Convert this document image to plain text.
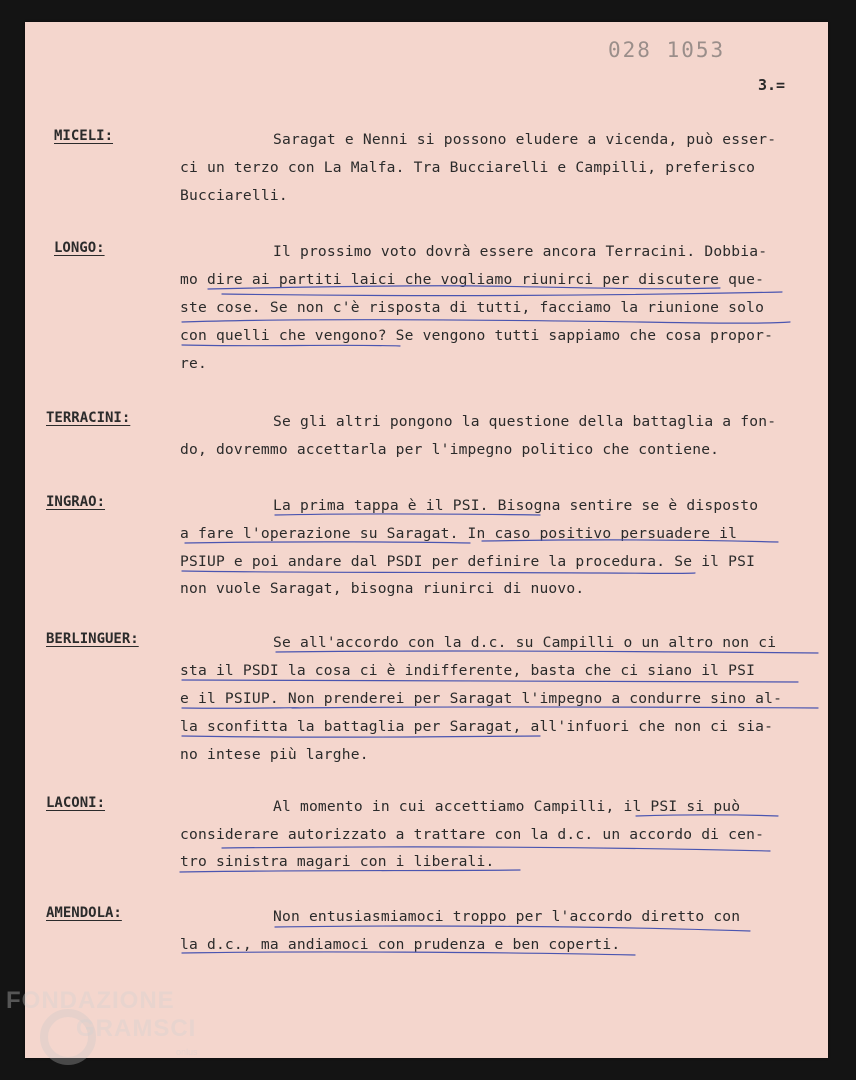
028 1053
3.=
MICELI:	Saragat e Nenni si possono eludere a vicenda, può esser-
ci un terzo con La Malfa. Tra Bucciarelli e Campilli, preferisco
Bucciarelli.
LONGO:	Il prossimo voto dovrà essere ancora Terracini. Dobbia-
mo dire ai partiti laici che vogliamo riunirci per discutere que-
ste cose. Se non c'è risposta di tutti, facciamo la riunione solo
con quelli che vengono? Se vengono tutti sappiamo che cosa propor-
re.
TERRACINI:	Se gli altri pongono la questione della battaglia a fon-
do, dovremmo accettarla per l'impegno politico che contiene.
INGRAO:	La prima tappa è il PSI. Bisogna sentire se è disposto
a fare l'operazione su Saragat. In caso positivo persuadere il
PSIUP e poi andare dal PSDI per definire la procedura. Se il PSI
non vuole Saragat, bisogna riunirci di nuovo.
BERLINGUER:	Se all'accordo con la d.c. su Campilli o un altro non ci
sta il PSDI la cosa ci è indifferente, basta che ci siano il PSI
e il PSIUP. Non prenderei per Saragat l'impegno a condurre sino al-
la sconfitta la battaglia per Saragat, all'infuori che non ci sia-
no intese più larghe.
LACONI:	Al momento in cui accettiamo Campilli, il PSI si può
considerare autorizzato a trattare con la d.c. un accordo di cen-
tro sinistra magari con i liberali.
AMENDOLA:	Non entusiasmiamoci troppo per l'accordo diretto con
la d.c., ma andiamoci con prudenza e ben coperti.
FONDAZIONE
GRAMSCI
onlus
